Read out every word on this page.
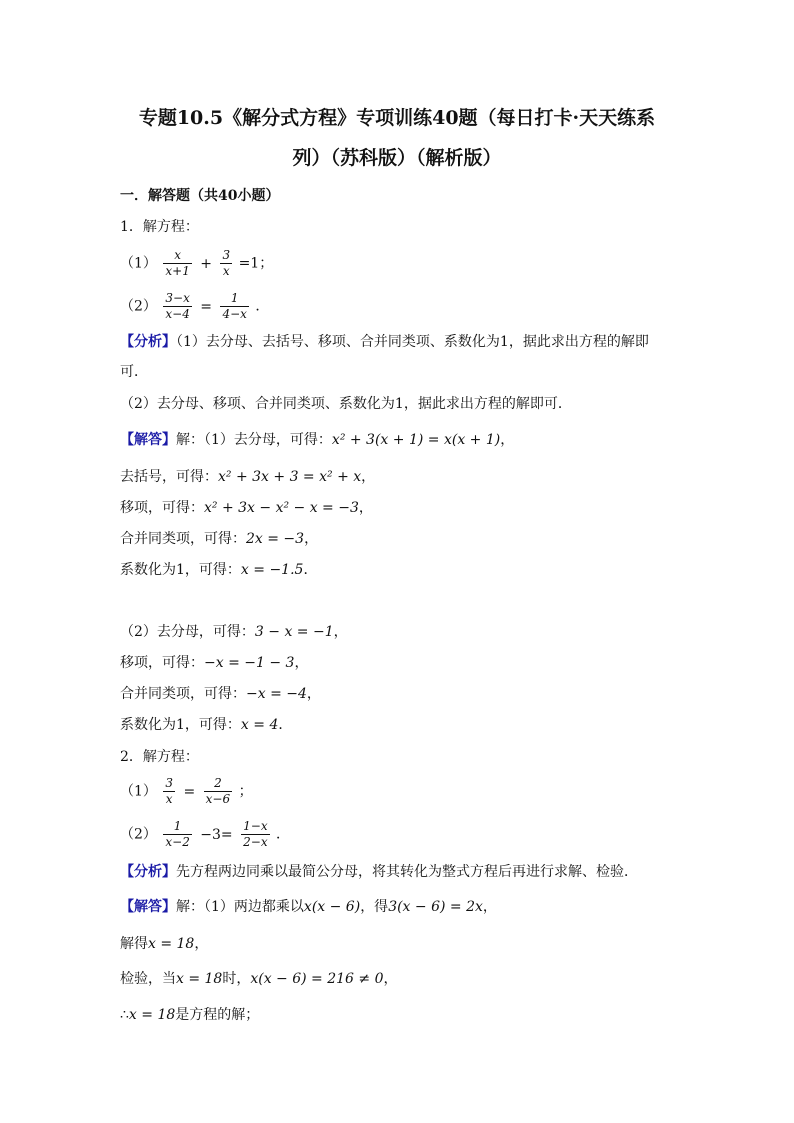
专题10.5《解分式方程》专项训练40题（每日打卡·天天练系
列）（苏科版）（解析版）
一．解答题（共40小题）
1．解方程：
$(1) \frac{x}{x+1} + \frac{3}{x} =1$；
$(2) \frac{3-x}{x-4} = \frac{1}{4-x}$ ．
【分析】（1）去分母、去括号、移项、合并同类项、系数化为1，据此求出方程的解即
可．
（2）去分母、移项、合并同类项、系数化为1，据此求出方程的解即可．
【解答】解：（1）去分母，可得：x² + 3(x + 1) = x(x + 1)，
去括号，可得：x² + 3x + 3 = x² + x，
移项，可得：x² + 3x − x² − x = −3，
合并同类项，可得：2x = −3，
系数化为1，可得：x = −1.5．
（2）去分母，可得：3 − x = −1，
移项，可得：−x = −1 − 3，
合并同类项，可得：−x = −4，
系数化为1，可得：x = 4．
2．解方程：
$(1) \frac{3}{x} = \frac{2}{x-6}$ ；
$(2) \frac{1}{x-2} -3= \frac{1-x}{2-x}$ ．
【分析】先方程两边同乘以最简公分母，将其转化为整式方程后再进行求解、检验．
【解答】解：（1）两边都乘以x(x − 6)，得3(x − 6) = 2x，
解得x = 18，
检验，当x = 18时，x(x − 6) = 216 ≠ 0，
∴x = 18是方程的解；
